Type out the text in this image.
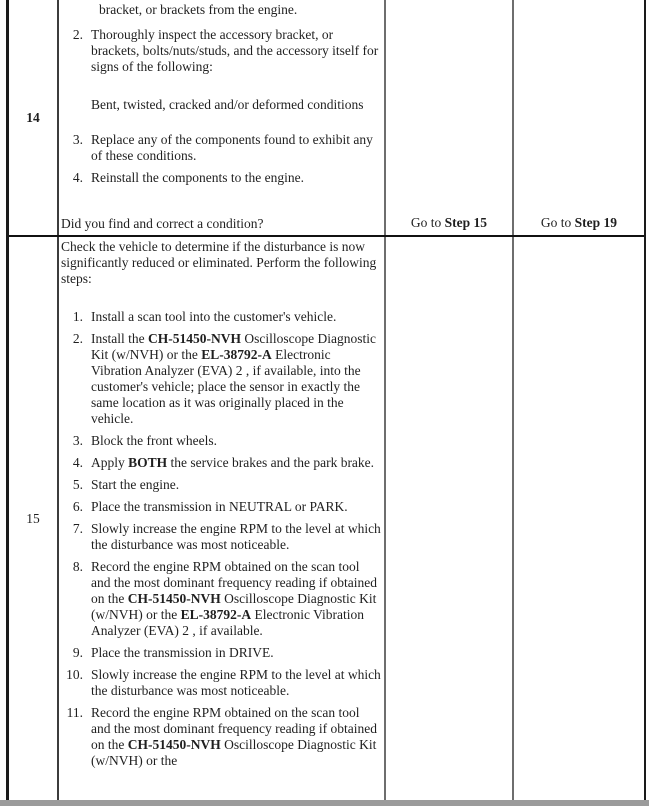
14
bracket, or brackets from the engine.
2. Thoroughly inspect the accessory bracket, or brackets, bolts/nuts/studs, and the accessory itself for signs of the following:
Bent, twisted, cracked and/or deformed conditions
3. Replace any of the components found to exhibit any of these conditions.
4. Reinstall the components to the engine.
Did you find and correct a condition?	Go to Step 15	Go to Step 19
15
Check the vehicle to determine if the disturbance is now significantly reduced or eliminated. Perform the following steps:
1. Install a scan tool into the customer's vehicle.
2. Install the CH-51450-NVH Oscilloscope Diagnostic Kit (w/NVH) or the EL-38792-A Electronic Vibration Analyzer (EVA) 2 , if available, into the customer's vehicle; place the sensor in exactly the same location as it was originally placed in the vehicle.
3. Block the front wheels.
4. Apply BOTH the service brakes and the park brake.
5. Start the engine.
6. Place the transmission in NEUTRAL or PARK.
7. Slowly increase the engine RPM to the level at which the disturbance was most noticeable.
8. Record the engine RPM obtained on the scan tool and the most dominant frequency reading if obtained on the CH-51450-NVH Oscilloscope Diagnostic Kit (w/NVH) or the EL-38792-A Electronic Vibration Analyzer (EVA) 2 , if available.
9. Place the transmission in DRIVE.
10. Slowly increase the engine RPM to the level at which the disturbance was most noticeable.
11. Record the engine RPM obtained on the scan tool and the most dominant frequency reading if obtained on the CH-51450-NVH Oscilloscope Diagnostic Kit (w/NVH) or the
